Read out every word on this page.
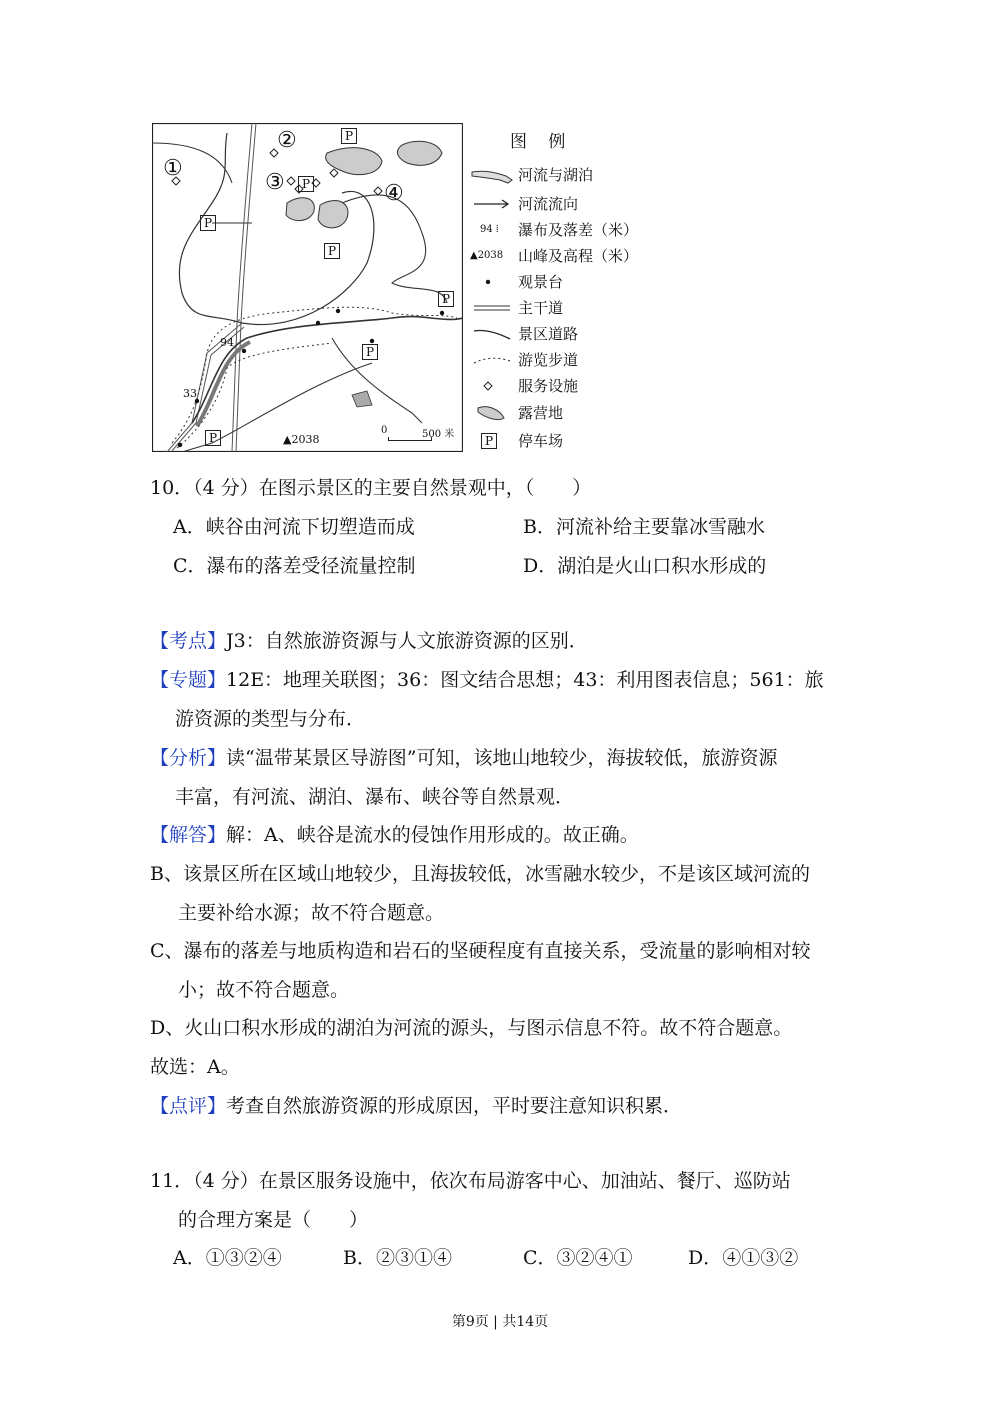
①
②
③	④
P
P
P
P
P
P
P
94
33
▲2038
0	500 米
图 例
河流与湖泊
河流流向
94 ⁞ 瀑布及落差（米）
▲2038 山峰及高程（米）
观景台
主干道
景区道路
游览步道
服务设施
露营地
P 停车场
10．（4 分）在图示景区的主要自然景观中，（　　）
A．峡谷由河流下切塑造而成	B．河流补给主要靠冰雪融水
C．瀑布的落差受径流量控制	D．湖泊是火山口积水形成的
【考点】J3：自然旅游资源与人文旅游资源的区别．
【专题】12E：地理关联图；36：图文结合思想；43：利用图表信息；561：旅
游资源的类型与分布．
【分析】读“温带某景区导游图”可知，该地山地较少，海拔较低，旅游资源
丰富，有河流、湖泊、瀑布、峡谷等自然景观．
【解答】解：A、峡谷是流水的侵蚀作用形成的。故正确。
B、该景区所在区域山地较少，且海拔较低，冰雪融水较少，不是该区域河流的
主要补给水源；故不符合题意。
C、瀑布的落差与地质构造和岩石的坚硬程度有直接关系，受流量的影响相对较
小；故不符合题意。
D、火山口积水形成的湖泊为河流的源头，与图示信息不符。故不符合题意。
故选：A。
【点评】考查自然旅游资源的形成原因，平时要注意知识积累．
11．（4 分）在景区服务设施中，依次布局游客中心、加油站、餐厅、巡防站
的合理方案是（　　）
A．①③②④	B．②③①④	C．③②④①	D．④①③②
第9页 | 共14页
